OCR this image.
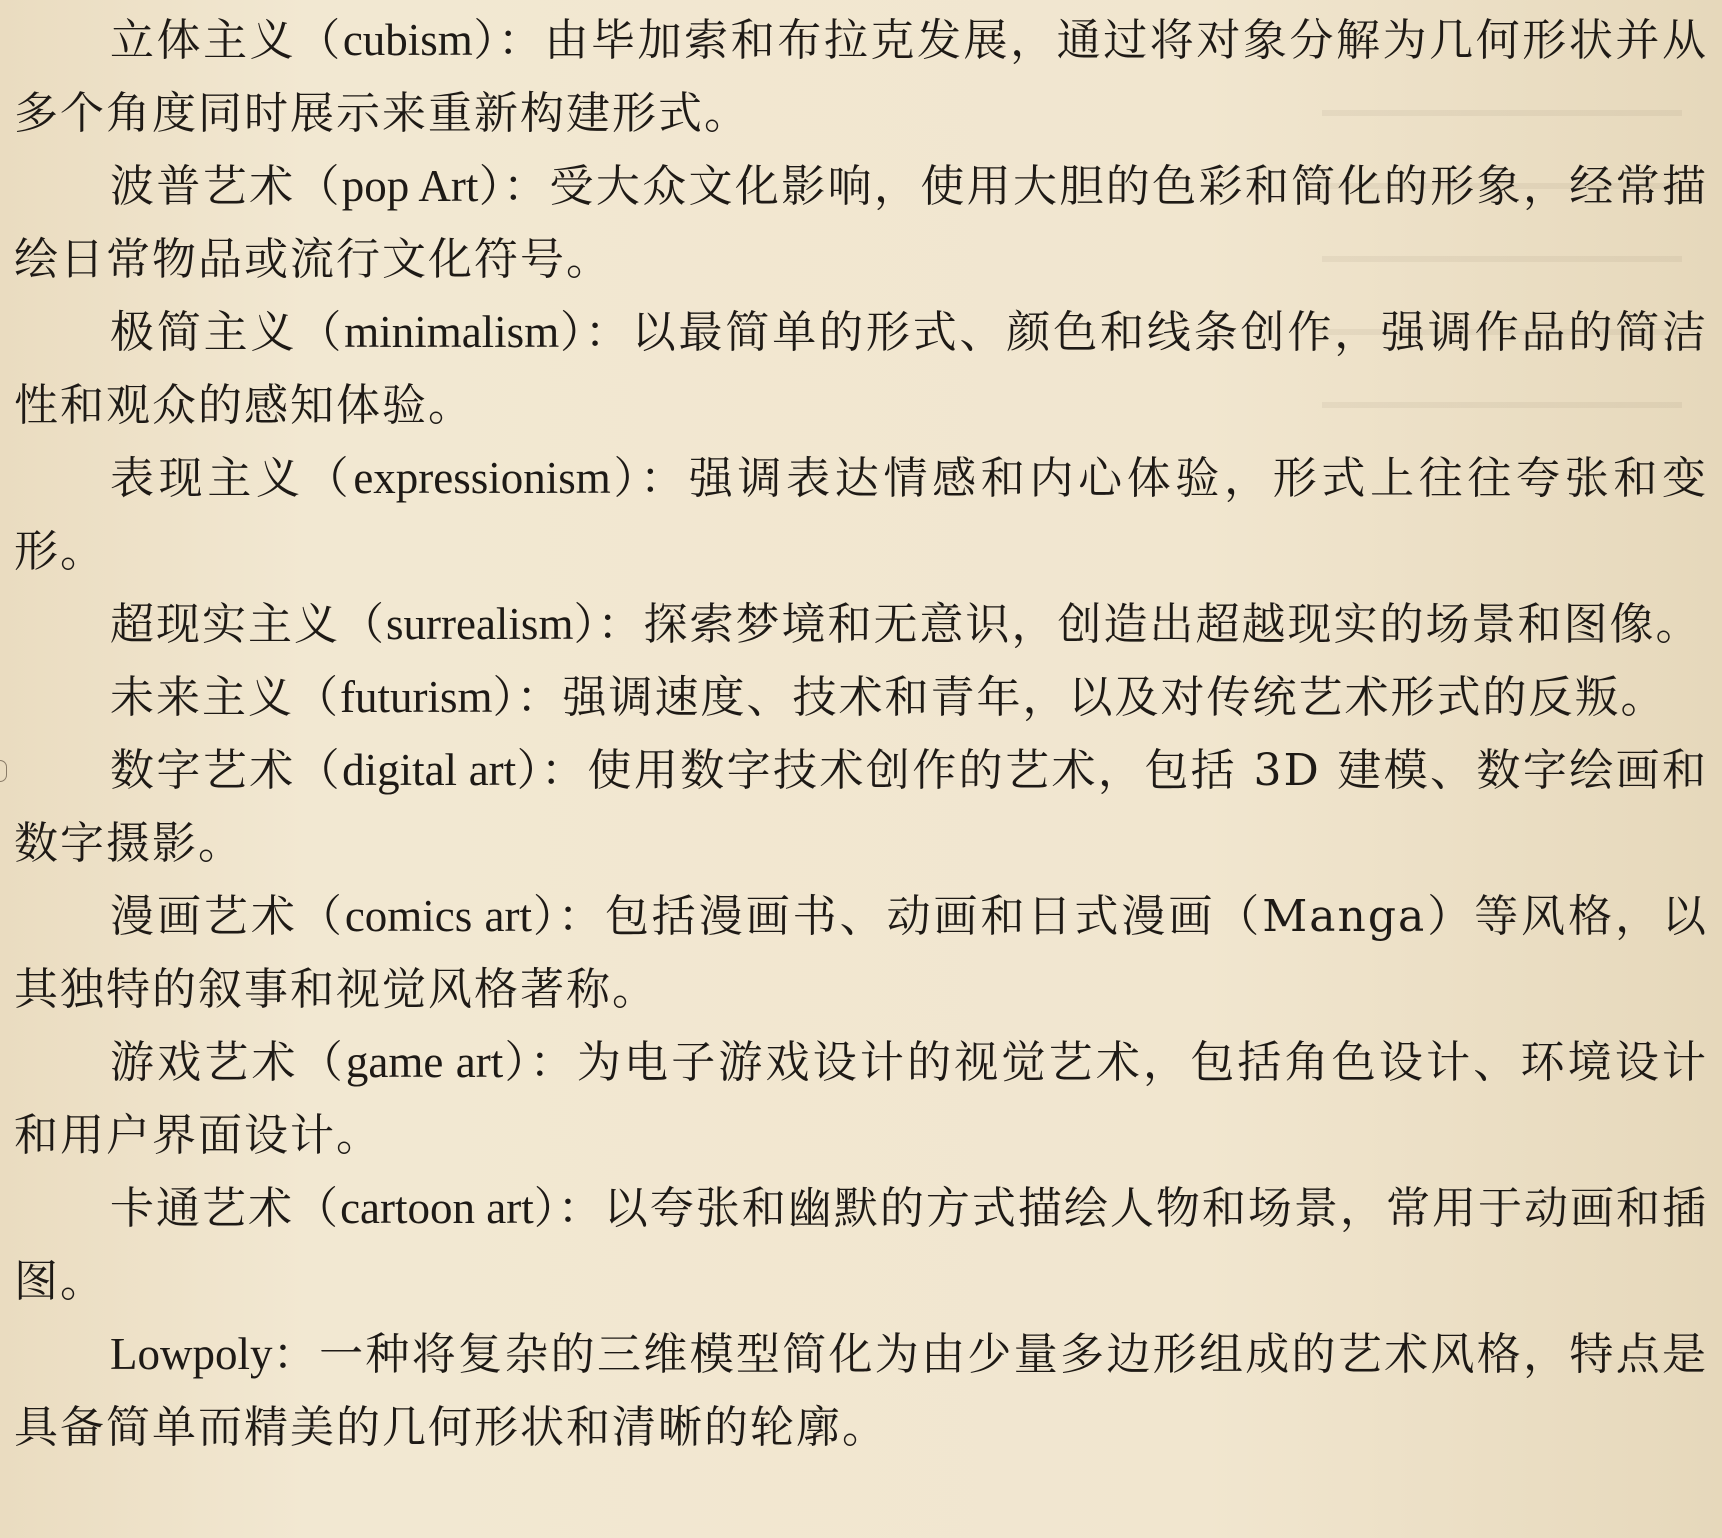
立体主义（cubism）：由毕加索和布拉克发展，通过将对象分解为几何形状并从多个角度同时展示来重新构建形式。

波普艺术（pop Art）：受大众文化影响，使用大胆的色彩和简化的形象，经常描绘日常物品或流行文化符号。

极简主义（minimalism）：以最简单的形式、颜色和线条创作，强调作品的简洁性和观众的感知体验。

表现主义（expressionism）：强调表达情感和内心体验，形式上往往夸张和变形。

超现实主义（surrealism）：探索梦境和无意识，创造出超越现实的场景和图像。

未来主义（futurism）：强调速度、技术和青年，以及对传统艺术形式的反叛。

数字艺术（digital art）：使用数字技术创作的艺术，包括 3D 建模、数字绘画和数字摄影。

漫画艺术（comics art）：包括漫画书、动画和日式漫画（Manga）等风格，以其独特的叙事和视觉风格著称。

游戏艺术（game art）：为电子游戏设计的视觉艺术，包括角色设计、环境设计和用户界面设计。

卡通艺术（cartoon art）：以夸张和幽默的方式描绘人物和场景，常用于动画和插图。

Lowpoly：一种将复杂的三维模型简化为由少量多边形组成的艺术风格，特点是具备简单而精美的几何形状和清晰的轮廓。
